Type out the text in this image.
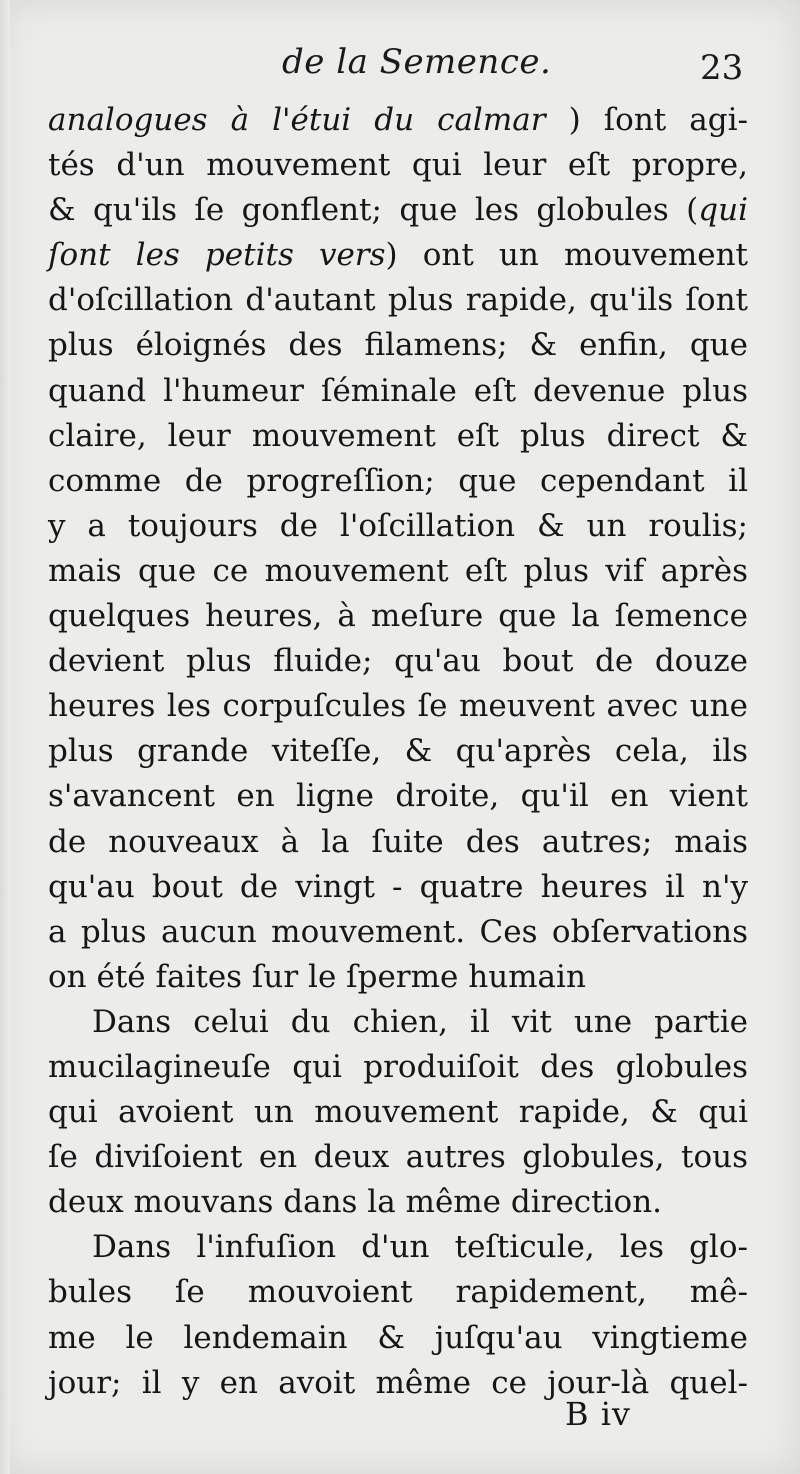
de la Semence.	23
analogues à l'étui du calmar ) ſont agi-
tés d'un mouvement qui leur eſt propre,
& qu'ils ſe gonflent; que les globules (qui
ſont les petits vers) ont un mouvement
d'oſcillation d'autant plus rapide, qu'ils ſont
plus éloignés des filamens; & enfin, que
quand l'humeur ſéminale eſt devenue plus
claire, leur mouvement eſt plus direct &
comme de progreſſion; que cependant il
y a toujours de l'oſcillation & un roulis;
mais que ce mouvement eſt plus vif après
quelques heures, à meſure que la ſemence
devient plus fluide; qu'au bout de douze
heures les corpuſcules ſe meuvent avec une
plus grande viteſſe, & qu'après cela, ils
s'avancent en ligne droite, qu'il en vient
de nouveaux à la ſuite des autres; mais
qu'au bout de vingt - quatre heures il n'y
a plus aucun mouvement. Ces obſervations
on été faites ſur le ſperme humain
Dans celui du chien, il vit une partie
mucilagineuſe qui produiſoit des globules
qui avoient un mouvement rapide, & qui
ſe diviſoient en deux autres globules, tous
deux mouvans dans la même direction.
Dans l'infuſion d'un teſticule, les glo-
bules ſe mouvoient rapidement, mê-
me le lendemain & juſqu'au vingtieme
jour; il y en avoit même ce jour-là quel-
B iv
